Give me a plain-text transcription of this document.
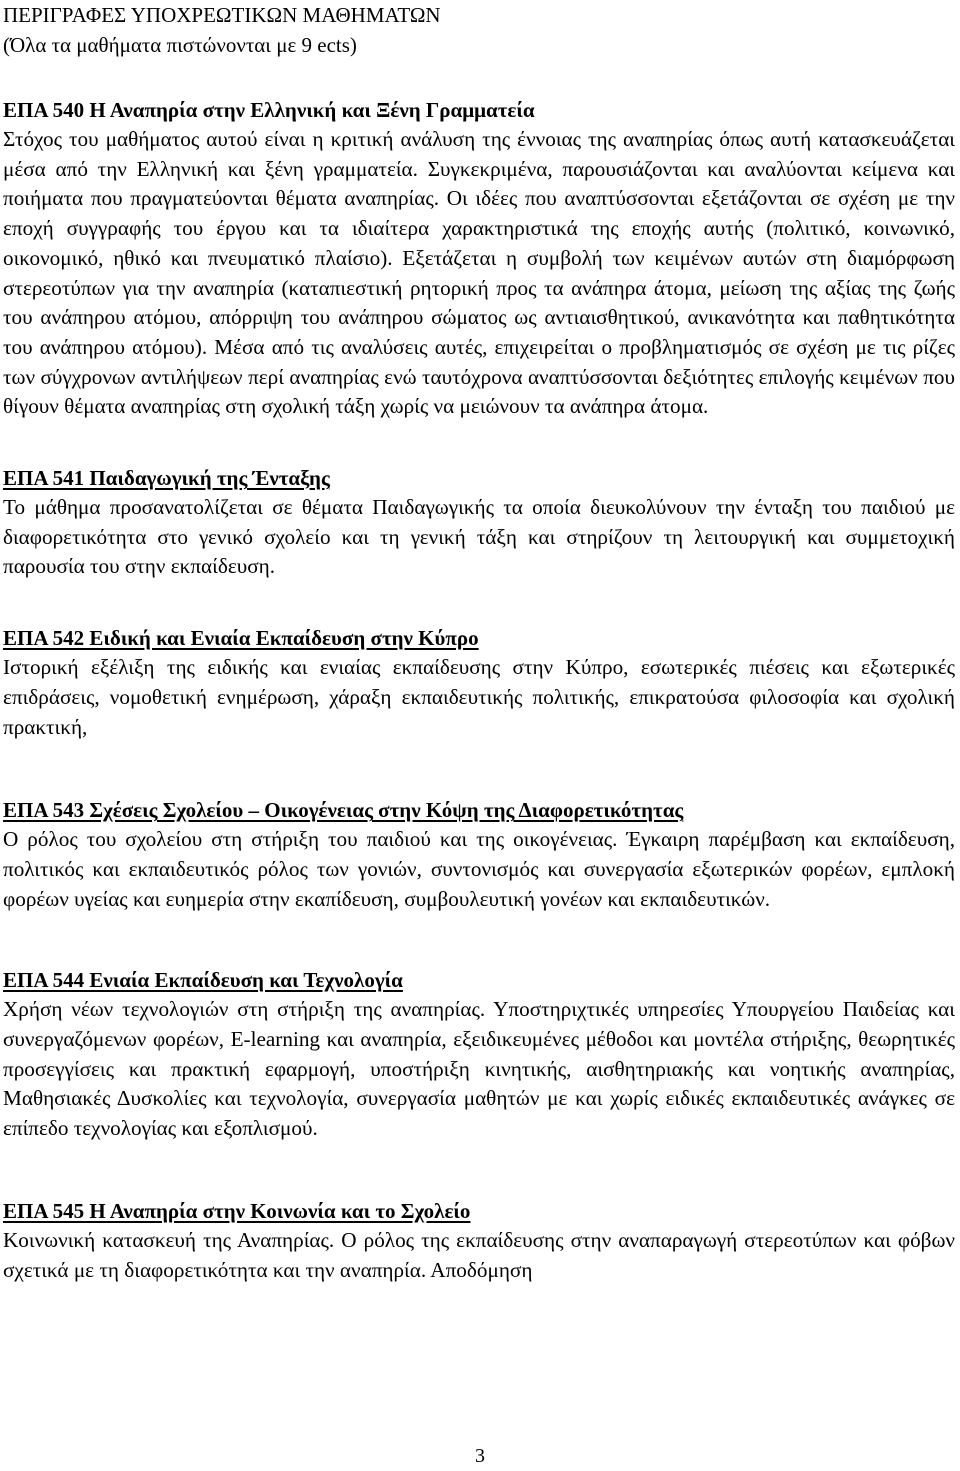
ΠΕΡΙΓΡΑΦΕΣ ΥΠΟΧΡΕΩΤΙΚΩΝ ΜΑΘΗΜΑΤΩΝ

(Όλα τα μαθήματα πιστώνονται με 9 ects)

ΕΠΑ 540 Η Αναπηρία στην Ελληνική και Ξένη Γραμματεία

Στόχος του μαθήματος αυτού είναι η κριτική ανάλυση της έννοιας της αναπηρίας όπως αυτή κατασκευάζεται μέσα από την Ελληνική και ξένη γραμματεία. Συγκεκριμένα, παρουσιάζονται και αναλύονται κείμενα και ποιήματα που πραγματεύονται θέματα αναπηρίας. Οι ιδέες που αναπτύσσονται εξετάζονται σε σχέση με την εποχή συγγραφής του έργου και τα ιδιαίτερα χαρακτηριστικά της εποχής αυτής (πολιτικό, κοινωνικό, οικονομικό, ηθικό και πνευματικό πλαίσιο). Εξετάζεται η συμβολή των κειμένων αυτών στη διαμόρφωση στερεοτύπων για την αναπηρία (καταπιεστική ρητορική προς τα ανάπηρα άτομα, μείωση της αξίας της ζωής του ανάπηρου ατόμου, απόρριψη του ανάπηρου σώματος ως αντιαισθητικού, ανικανότητα και παθητικότητα του ανάπηρου ατόμου). Μέσα από τις αναλύσεις αυτές, επιχειρείται ο προβληματισμός σε σχέση με τις ρίζες των σύγχρονων αντιλήψεων περί αναπηρίας ενώ ταυτόχρονα αναπτύσσονται δεξιότητες επιλογής κειμένων που θίγουν θέματα αναπηρίας στη σχολική τάξη χωρίς να μειώνουν τα ανάπηρα άτομα.

ΕΠΑ 541 Παιδαγωγική της Ένταξης

Το μάθημα προσανατολίζεται σε θέματα Παιδαγωγικής τα οποία διευκολύνουν την ένταξη του παιδιού με διαφορετικότητα στο γενικό σχολείο και τη γενική τάξη και στηρίζουν τη λειτουργική και συμμετοχική παρουσία του στην εκπαίδευση.

ΕΠΑ 542 Ειδική και Ενιαία Εκπαίδευση στην Κύπρο

Ιστορική εξέλιξη της ειδικής και ενιαίας εκπαίδευσης στην Κύπρο, εσωτερικές πιέσεις και εξωτερικές επιδράσεις, νομοθετική ενημέρωση, χάραξη εκπαιδευτικής πολιτικής, επικρατούσα φιλοσοφία και σχολική πρακτική,

ΕΠΑ 543 Σχέσεις Σχολείου – Οικογένειας στην Κόψη της Διαφορετικότητας

Ο ρόλος του σχολείου στη στήριξη του παιδιού και της οικογένειας. Έγκαιρη παρέμβαση και εκπαίδευση, πολιτικός και εκπαιδευτικός ρόλος των γονιών, συντονισμός και συνεργασία εξωτερικών φορέων, εμπλοκή φορέων υγείας και ευημερία στην εκαπίδευση, συμβουλευτική γονέων και εκπαιδευτικών.

ΕΠΑ 544 Ενιαία Εκπαίδευση και Τεχνολογία

Χρήση νέων τεχνολογιών στη στήριξη της αναπηρίας. Υποστηριχτικές υπηρεσίες Υπουργείου Παιδείας και συνεργαζόμενων φορέων, E-learning και αναπηρία, εξειδικευμένες μέθοδοι και μοντέλα στήριξης, θεωρητικές προσεγγίσεις και πρακτική εφαρμογή, υποστήριξη κινητικής, αισθητηριακής και νοητικής αναπηρίας, Μαθησιακές Δυσκολίες και τεχνολογία, συνεργασία μαθητών με και χωρίς ειδικές εκπαιδευτικές ανάγκες σε επίπεδο τεχνολογίας και εξοπλισμού.

ΕΠΑ 545 Η Αναπηρία στην Κοινωνία και το Σχολείο

Κοινωνική κατασκευή της Αναπηρίας. Ο ρόλος της εκπαίδευσης στην αναπαραγωγή στερεοτύπων και φόβων σχετικά με τη διαφορετικότητα και την αναπηρία. Αποδόμηση

3
